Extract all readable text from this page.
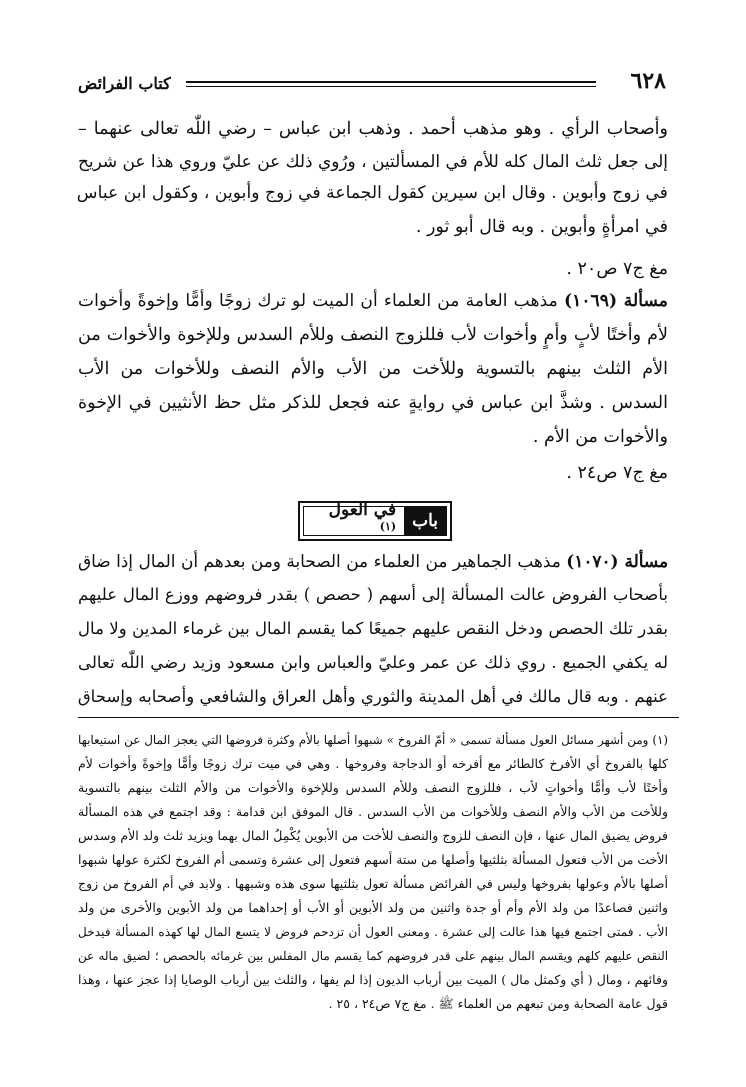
٦٢٨
كتاب الفرائض
وأصحاب الرأي . وهو مذهب أحمد . وذهب ابن عباس – رضي اللّٰه تعالى عنهما –
إلى جعل ثلث المال كله للأم في المسألتين ، ورُوي ذلك عن عليّ وروي هذا عن شريح
في زوج وأبوين . وقال ابن سيرين كقول الجماعة في زوج وأبوين ، وكقول ابن عباس
في امرأةٍ وأبوين . وبه قال أبو ثور .
مغ ج٧ ص٢٠ .
مسألة (١٠٦٩) مذهب العامة من العلماء أن الميت لو ترك زوجًا وأمًّا وإخوةً وأخوات
لأم وأختًا لأبٍ وأمٍ وأخوات لأب فللزوج النصف وللأم السدس وللإخوة والأخوات من
الأم الثلث بينهم بالتسوية وللأخت من الأب والأم النصف وللأخوات من الأب
السدس . وشذَّ ابن عباس في روايةٍ عنه فجعل للذكر مثل حظ الأنثيين في الإخوة
والأخوات من الأم .
مغ ج٧ ص٢٤ .
باب
في العول $^{(١)}$
مسألة (١٠٧٠) مذهب الجماهير من العلماء من الصحابة ومن بعدهم أن المال إذا ضاق
بأصحاب الفروض عالت المسألة إلى أسهم ( حصص ) بقدر فروضهم ووزع المال عليهم
بقدر تلك الحصص ودخل النقص عليهم جميعًا كما يقسم المال بين غرماء المدين ولا مال
له يكفي الجميع . روي ذلك عن عمر وعليّ والعباس وابن مسعود وزيد رضي اللّٰه تعالى
عنهم . وبه قال مالك في أهل المدينة والثوري وأهل العراق والشافعي وأصحابه وإسحاق
(١) ومن أشهر مسائل العول مسألة تسمى « أمّ الفروخ » شبهوا أصلها بالأم وكثرة فروضها التي يعجز المال عن استيعابها
كلها بالفروخ أي الأفرخ كالطائر مع أفرخه أو الدجاجة وفروخها . وهي في ميت ترك زوجًا وأمًّا وإخوةً وأخوات لأم
وأختًا لأب وأمًّا وأخواتٍ لأب ، فللزوج النصف وللأم السدس وللإخوة والأخوات من والأم الثلث بينهم بالتسوية
وللأخت من الأب والأم النصف وللأخوات من الأب السدس . قال الموفق ابن قدامة : وقد اجتمع في هذه المسألة
فروض يضيق المال عنها ، فإن النصف للزوج والنصف للأخت من الأبوين يُكْمِلُ المال بهما ويزيد ثلث ولد الأم وسدس
الأخت من الأب فتعول المسألة بثلثيها وأصلها من ستة أسهم فتعول إلى عشرة وتسمى أم الفروخ لكثرة عولها شبهوا
أصلها بالأم وعولها بفروخها وليس في الفرائض مسألة تعول بثلثيها سوى هذه وشبهها . ولابد في أم الفروخ من زوج
واثنين فصاعدًا من ولد الأم وأم أو جدة واثنين من ولد الأبوين أو الأب أو إحداهما من ولد الأبوين والأخرى من ولد
الأب . فمتى اجتمع فيها هذا عالت إلى عشرة . ومعنى العول أن تزدحم فروض لا يتسع المال لها كهذه المسألة فيدخل
النقص عليهم كلهم ويقسم المال بينهم على قدر فروضهم كما يقسم مال المفلس بين غرمائه بالحصص ؛ لضيق ماله عن
وفائهم ، ومال ( أي وكمثل مال ) الميت بين أرباب الديون إذا لم يفها ، والثلث بين أرباب الوصايا إذا عجز عنها ، وهذا
قول عامة الصحابة ومن تبعهم من العلماء ﷺ . مغ ج٧ ص٢٤ ، ٢٥ .
